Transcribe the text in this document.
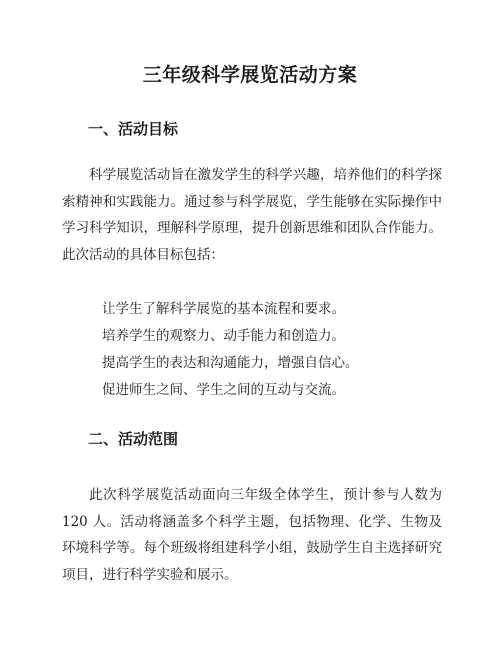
三年级科学展览活动方案
一、活动目标

科学展览活动旨在激发学生的科学兴趣，培养他们的科学探索精神和实践能力。通过参与科学展览，学生能够在实际操作中学习科学知识，理解科学原理，提升创新思维和团队合作能力。此次活动的具体目标包括：

让学生了解科学展览的基本流程和要求。
培养学生的观察力、动手能力和创造力。
提高学生的表达和沟通能力，增强自信心。
促进师生之间、学生之间的互动与交流。
二、活动范围

此次科学展览活动面向三年级全体学生，预计参与人数为 120 人。活动将涵盖多个科学主题，包括物理、化学、生物及环境科学等。每个班级将组建科学小组，鼓励学生自主选择研究项目，进行科学实验和展示。
